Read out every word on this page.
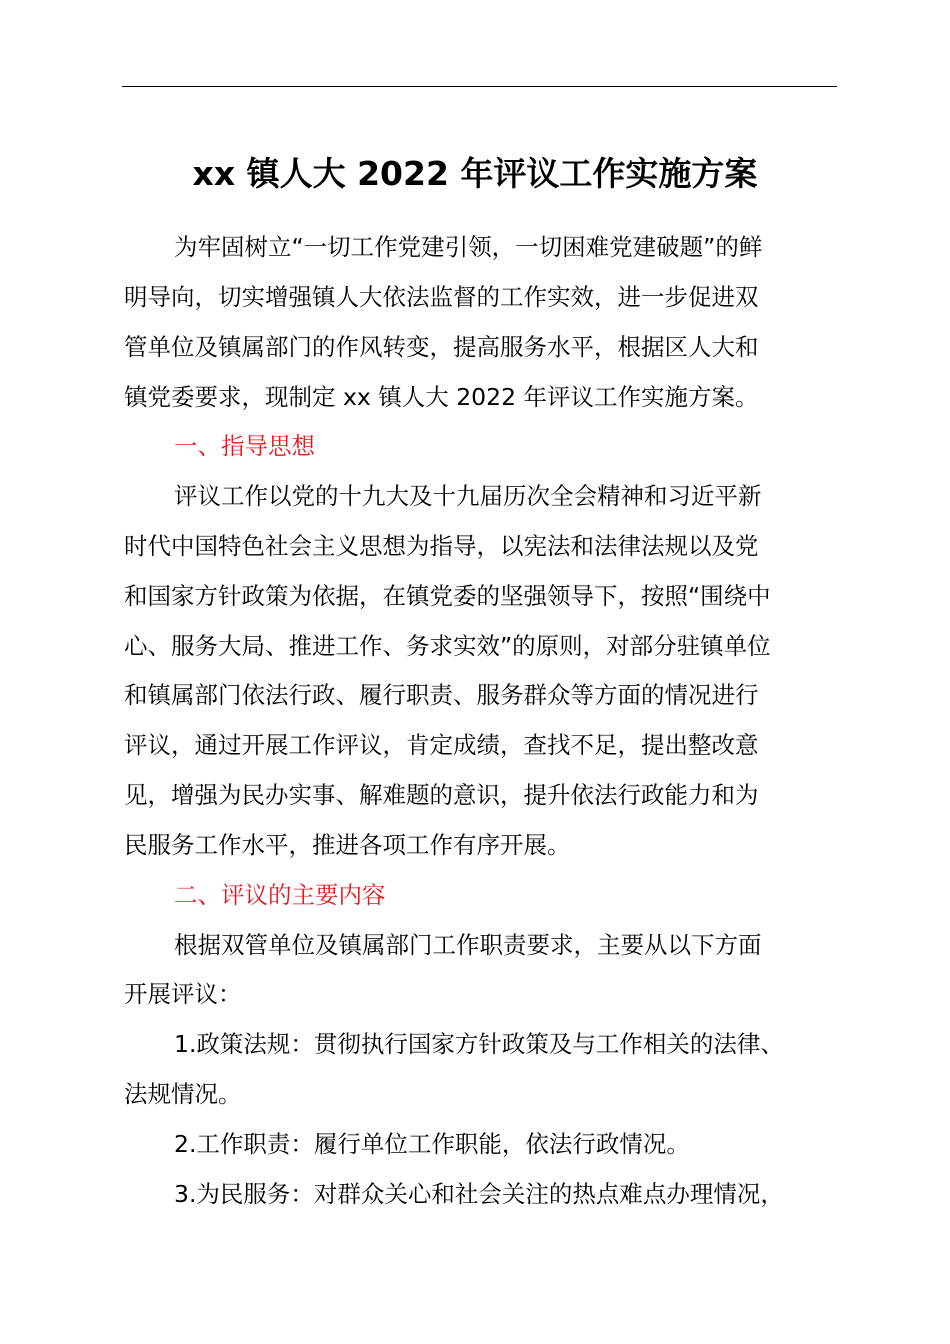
xx 镇人大 2022 年评议工作实施方案
为牢固树立“一切工作党建引领，一切困难党建破题”的鲜
明导向，切实增强镇人大依法监督的工作实效，进一步促进双
管单位及镇属部门的作风转变，提高服务水平，根据区人大和
镇党委要求，现制定 xx 镇人大 2022 年评议工作实施方案。
一、指导思想
评议工作以党的十九大及十九届历次全会精神和习近平新
时代中国特色社会主义思想为指导，以宪法和法律法规以及党
和国家方针政策为依据，在镇党委的坚强领导下，按照“围绕中
心、服务大局、推进工作、务求实效”的原则，对部分驻镇单位
和镇属部门依法行政、履行职责、服务群众等方面的情况进行
评议，通过开展工作评议，肯定成绩，查找不足，提出整改意
见，增强为民办实事、解难题的意识，提升依法行政能力和为
民服务工作水平，推进各项工作有序开展。
二、评议的主要内容
根据双管单位及镇属部门工作职责要求，主要从以下方面
开展评议：
1.政策法规：贯彻执行国家方针政策及与工作相关的法律、
法规情况。
2.工作职责：履行单位工作职能，依法行政情况。
3.为民服务：对群众关心和社会关注的热点难点办理情况，
